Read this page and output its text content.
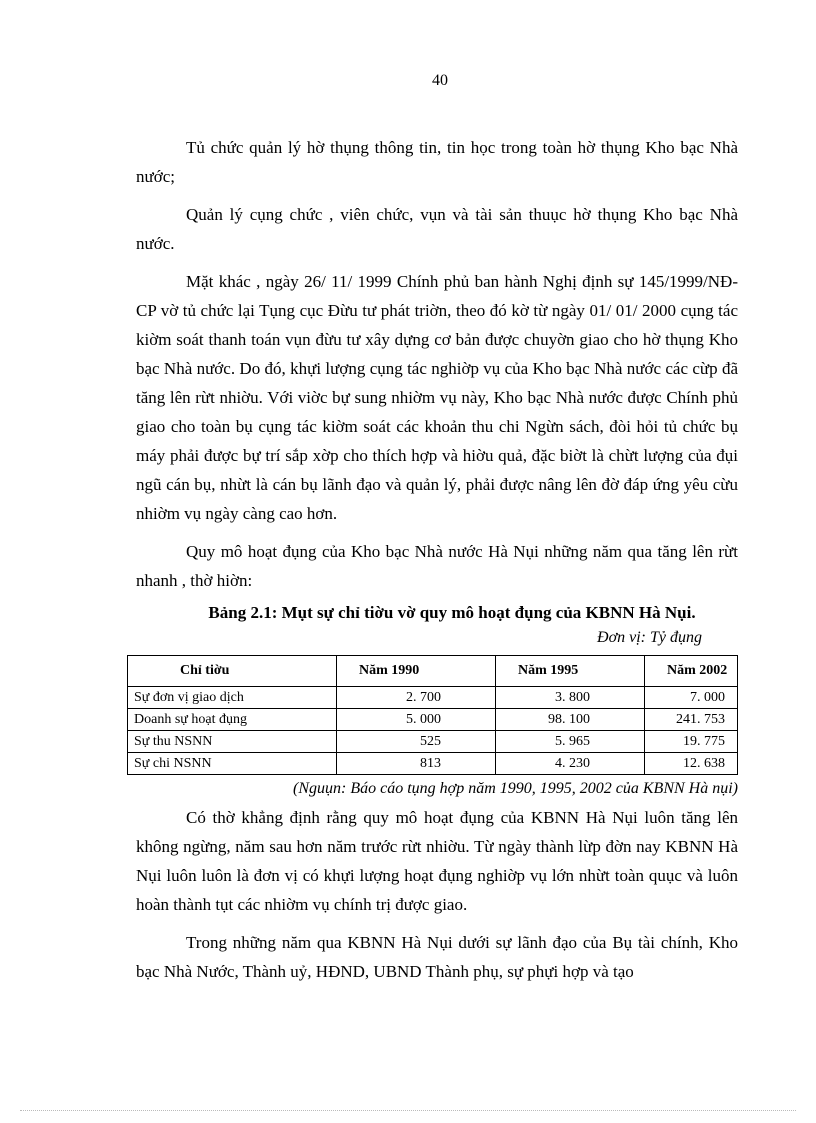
40

Tủ chức quản lý hờ thụng thông tin, tin học trong toàn hờ thụng Kho bạc Nhà nước;

Quản lý cụng chức , viên chức, vụn và tài sản thuục hờ thụng Kho bạc Nhà nước.

Mặt khác , ngày 26/ 11/ 1999 Chính phủ ban hành Nghị định sự 145/1999/NĐ- CP vờ tủ chức lại Tụng cục Đừu tư phát triờn, theo đó kờ từ ngày 01/ 01/ 2000 cụng tác kiờm soát thanh toán vụn đừu tư xây dựng cơ bản được chuyờn giao cho hờ thụng Kho bạc Nhà nước. Do đó, khựi lượng cụng tác nghiờp vụ của Kho bạc Nhà nước các cừp đã tăng lên rừt nhiờu. Với viờc bự sung nhiờm vụ này, Kho bạc Nhà nước được Chính phủ giao cho toàn bụ cụng tác kiờm soát các khoản thu chi Ngừn sách, đòi hỏi tủ chức bụ máy phải được bự trí sắp xờp cho thích hợp và hiờu quả, đặc biờt là chừt lượng của đụi ngũ cán bụ, nhừt là cán bụ lãnh đạo và quản lý, phải được nâng lên đờ đáp ứng yêu cừu nhiờm vụ ngày càng cao hơn.

Quy mô hoạt đụng của Kho bạc Nhà nước Hà Nụi những năm qua tăng lên rừt nhanh , thờ hiờn:

Bảng 2.1: Mụt sự chỉ tiờu vờ quy mô hoạt đụng của KBNN Hà Nụi.
Đơn vị: Tỷ đụng
Chỉ tiờu	Năm 1990	Năm 1995	Năm 2002
Sự đơn vị giao dịch	2. 700	3. 800	7. 000
Doanh sự hoạt đụng	5. 000	98. 100	241. 753
Sự thu NSNN	525	5. 965	19. 775
Sự chi NSNN	813	4. 230	12. 638
(Nguụn: Báo cáo tụng hợp năm 1990, 1995, 2002 của KBNN Hà nụi)

Có thờ khẳng định rằng quy mô hoạt đụng của KBNN Hà Nụi luôn tăng lên không ngừng, năm sau hơn năm trước rừt nhiờu. Từ ngày thành lừp đờn nay KBNN Hà Nụi luôn luôn là đơn vị có khựi lượng hoạt đụng nghiờp vụ lớn nhừt toàn quục và luôn hoàn thành tụt các nhiờm vụ chính trị được giao.

Trong những năm qua KBNN Hà Nụi dưới sự lãnh đạo của Bụ tài chính, Kho bạc Nhà Nước, Thành uỷ, HĐND, UBND Thành phụ, sự phựi hợp và tạo
